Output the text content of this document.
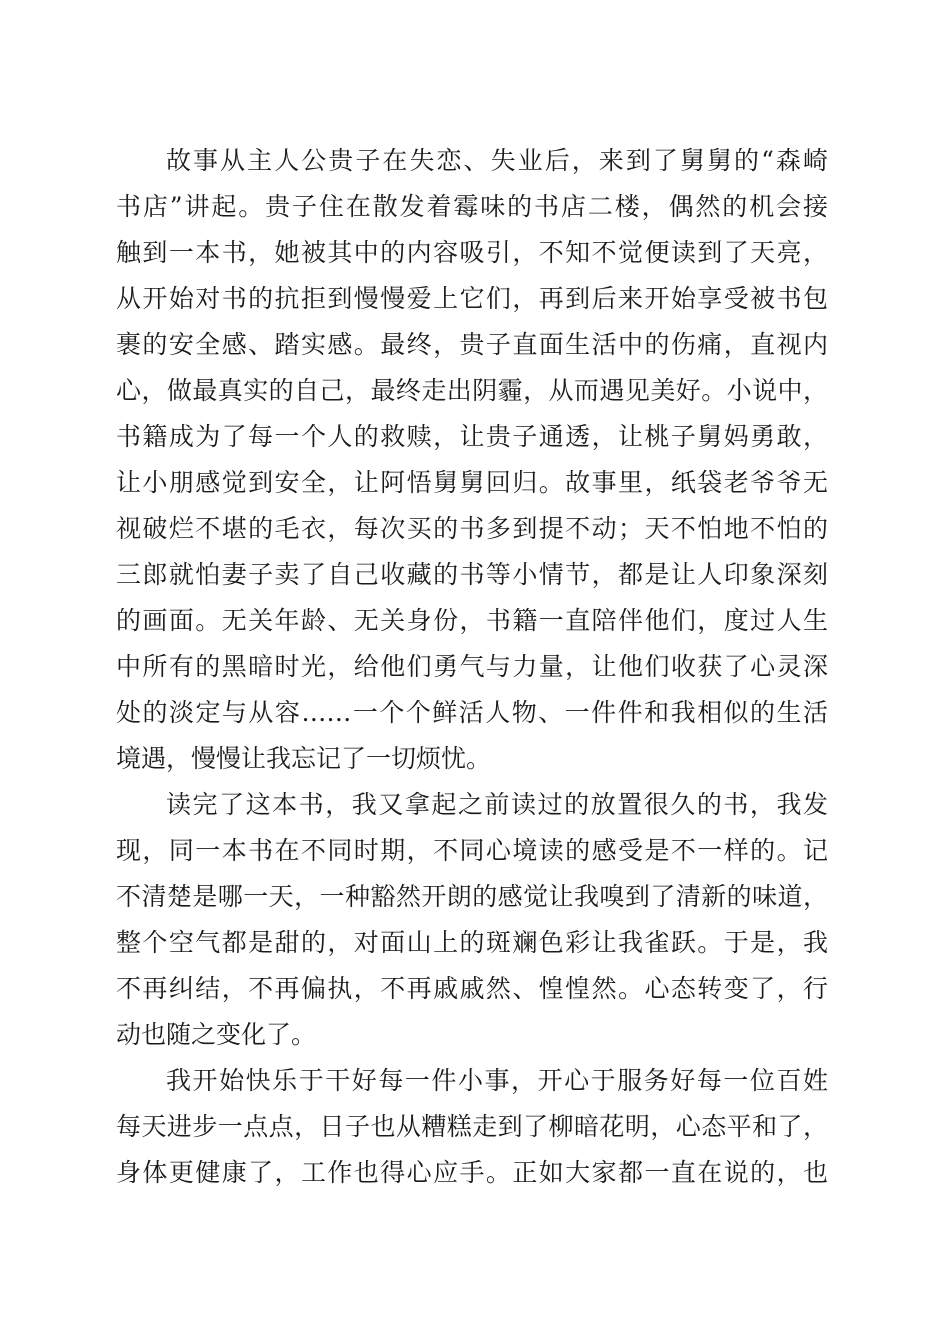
故事从主人公贵子在失恋、失业后，来到了舅舅的“森崎
书店”讲起。贵子住在散发着霉味的书店二楼，偶然的机会接
触到一本书，她被其中的内容吸引，不知不觉便读到了天亮，
从开始对书的抗拒到慢慢爱上它们，再到后来开始享受被书包
裹的安全感、踏实感。最终，贵子直面生活中的伤痛，直视内
心，做最真实的自己，最终走出阴霾，从而遇见美好。小说中，
书籍成为了每一个人的救赎，让贵子通透，让桃子舅妈勇敢，
让小朋感觉到安全，让阿悟舅舅回归。故事里，纸袋老爷爷无
视破烂不堪的毛衣，每次买的书多到提不动；天不怕地不怕的
三郎就怕妻子卖了自己收藏的书等小情节，都是让人印象深刻
的画面。无关年龄、无关身份，书籍一直陪伴他们，度过人生
中所有的黑暗时光，给他们勇气与力量，让他们收获了心灵深
处的淡定与从容……一个个鲜活人物、一件件和我相似的生活
境遇，慢慢让我忘记了一切烦忧。
读完了这本书，我又拿起之前读过的放置很久的书，我发
现，同一本书在不同时期，不同心境读的感受是不一样的。记
不清楚是哪一天，一种豁然开朗的感觉让我嗅到了清新的味道，
整个空气都是甜的，对面山上的斑斓色彩让我雀跃。于是，我
不再纠结，不再偏执，不再戚戚然、惶惶然。心态转变了，行
动也随之变化了。
我开始快乐于干好每一件小事，开心于服务好每一位百姓
每天进步一点点，日子也从糟糕走到了柳暗花明，心态平和了，
身体更健康了，工作也得心应手。正如大家都一直在说的，也
